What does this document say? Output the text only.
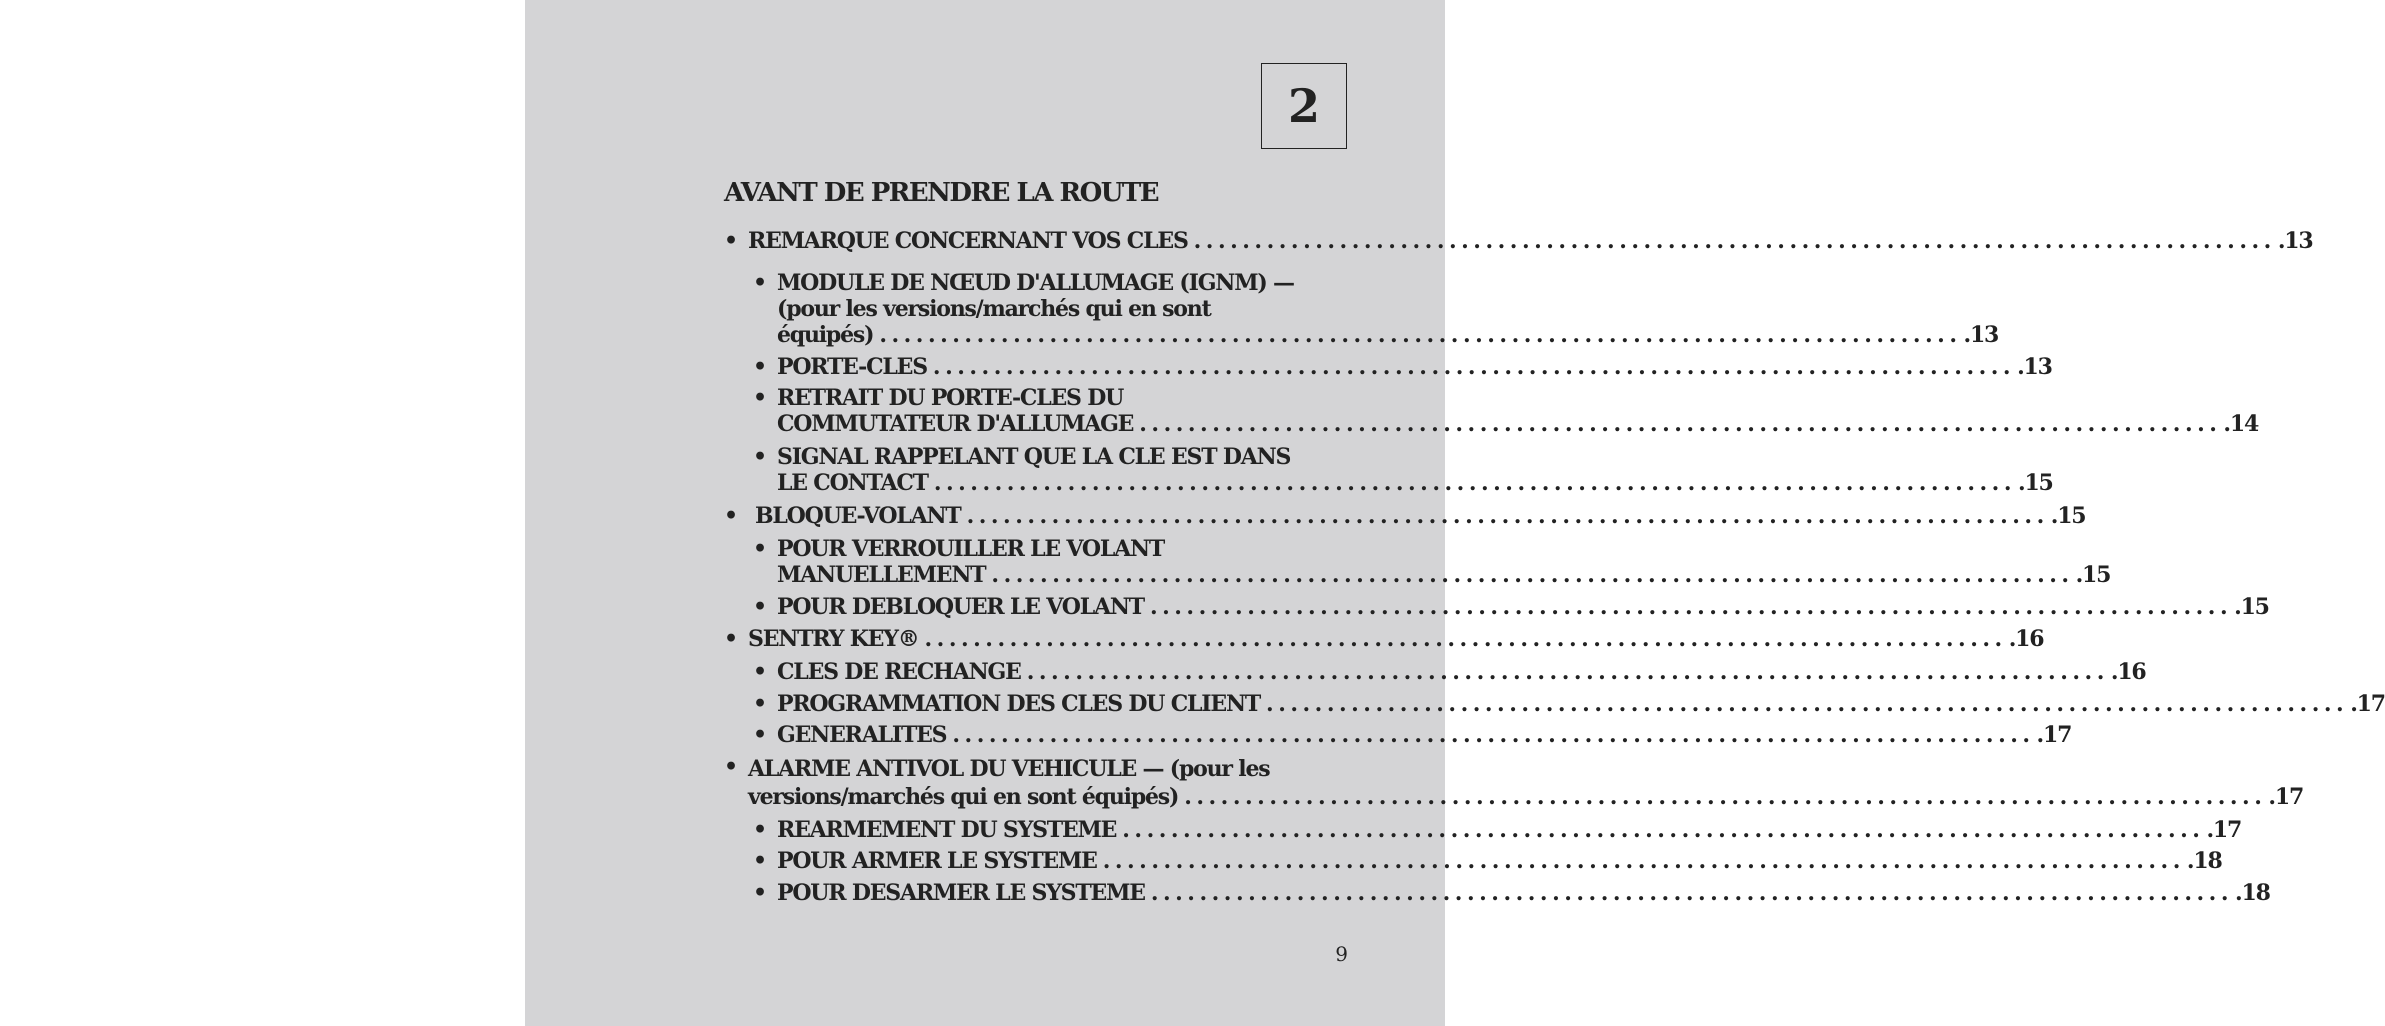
2
AVANT DE PRENDRE LA ROUTE
• REMARQUE CONCERNANT VOS CLES ......................................................................................... .13
• MODULE DE NŒUD D'ALLUMAGE (IGNM) —
(pour les versions/marchés qui en sont
équipés) ......................................................................................... .13
• PORTE-CLES ......................................................................................... .13
• RETRAIT DU PORTE-CLES DU
COMMUTATEUR D'ALLUMAGE ......................................................................................... .14
• SIGNAL RAPPELANT QUE LA CLE EST DANS
LE CONTACT ......................................................................................... .15
• BLOQUE-VOLANT ......................................................................................... .15
• POUR VERROUILLER LE VOLANT
MANUELLEMENT ......................................................................................... .15
• POUR DEBLOQUER LE VOLANT ......................................................................................... .15
• SENTRY KEY® ......................................................................................... .16
• CLES DE RECHANGE ......................................................................................... .16
• PROGRAMMATION DES CLES DU CLIENT ......................................................................................... .17
• GENERALITES ......................................................................................... .17
• ALARME ANTIVOL DU VEHICULE — (pour les
versions/marchés qui en sont équipés) ......................................................................................... .17
• REARMEMENT DU SYSTEME ......................................................................................... .17
• POUR ARMER LE SYSTEME ......................................................................................... .18
• POUR DESARMER LE SYSTEME ......................................................................................... .18
9
